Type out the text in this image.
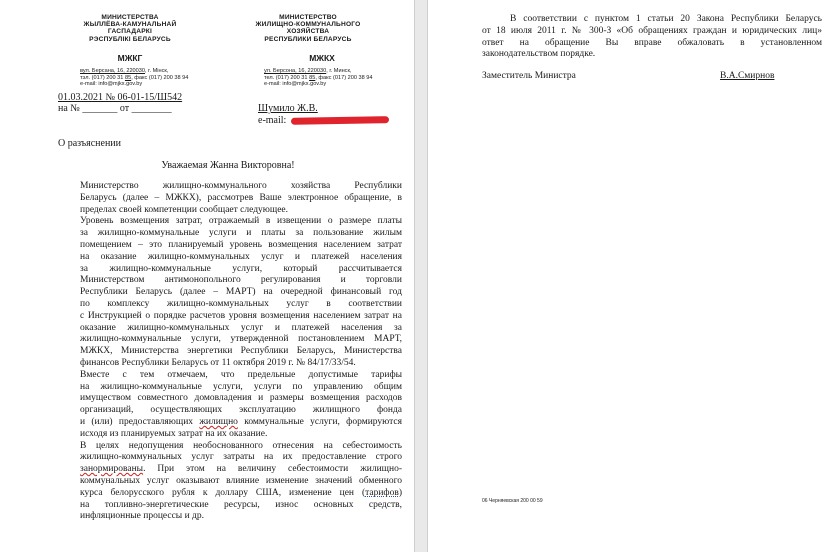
МИНИСТЕРСТВА
ЖЫЛЛЁВА-КАМУНАЛЬНАЙ
ГАСПАДАРКI
РЭСПУБЛIКI БЕЛАРУСЬ
МИНИСТЕРСТВО
ЖИЛИЩНО-КОММУНАЛЬНОГО
ХОЗЯЙСТВА
РЕСПУБЛИКИ БЕЛАРУСЬ
МЖКГ	МЖКХ
вул. Берсана, 16, 220030, г. Мiнск,
тэл. (017) 200 31 85, факс (017) 200 38 94
e-mail: info@mjkx.gov.by
ул. Берсона, 16, 220030, г. Минск,
тел. (017) 200 31 85, факс (017) 200 38 94
e-mail: info@mjkx.gov.by
01.03.2021 № 06-01-15/Ш542
на № _______ от ________	Шумило Ж.В.
e-mail:
О разъяснении
Уважаемая Жанна Викторовна!

Министерство жилищно-коммунального хозяйства Республики
Беларусь (далее – МЖКХ), рассмотрев Ваше электронное обращение, в
пределах своей компетенции сообщает следующее.

Уровень возмещения затрат, отражаемый в извещении о размере платы
за жилищно-коммунальные услуги и платы за пользование жилым
помещением – это планируемый уровень возмещения населением затрат
на оказание жилищно-коммунальных услуг и платежей населения
за жилищно-коммунальные услуги, который рассчитывается
Министерством антимонопольного регулирования и торговли
Республики Беларусь (далее – МАРТ) на очередной финансовый год
по комплексу жилищно-коммунальных услуг в соответствии
с Инструкцией о порядке расчетов уровня возмещения населением затрат на
оказание жилищно-коммунальных услуг и платежей населения за
жилищно-коммунальные услуги, утвержденной постановлением МАРТ,
МЖКХ, Министерства энергетики Республики Беларусь, Министерства
финансов Республики Беларусь от 11 октября 2019 г. № 84/17/33/54.

Вместе с тем отмечаем, что предельные допустимые тарифы
на жилищно-коммунальные услуги, услуги по управлению общим
имуществом совместного домовладения и размеры возмещения расходов
организаций, осуществляющих эксплуатацию жилищного фонда
и (или) предоставляющих жилищно коммунальные услуги, формируются
исходя из планируемых затрат на их оказание.

В целях недопущения необоснованного отнесения на себестоимость
жилищно-коммунальных услуг затраты на их предоставление строго
занормированы. При этом на величину себестоимости жилищно-
коммунальных услуг оказывают влияние изменение значений обменного
курса белорусского рубля к доллару США, изменение цен (тарифов)
на топливно-энергетические ресурсы, износ основных средств,
инфляционные процессы и др.

В соответствии с пунктом 1 статьи 20 Закона Республики Беларусь
от 18 июля 2011 г. № 300-З «Об обращениях граждан и юридических лиц»
ответ на обращение Вы вправе обжаловать в установленном
законодательством порядке.
Заместитель Министра	В.А.Смирнов
06 Черняевская 200 00 59
